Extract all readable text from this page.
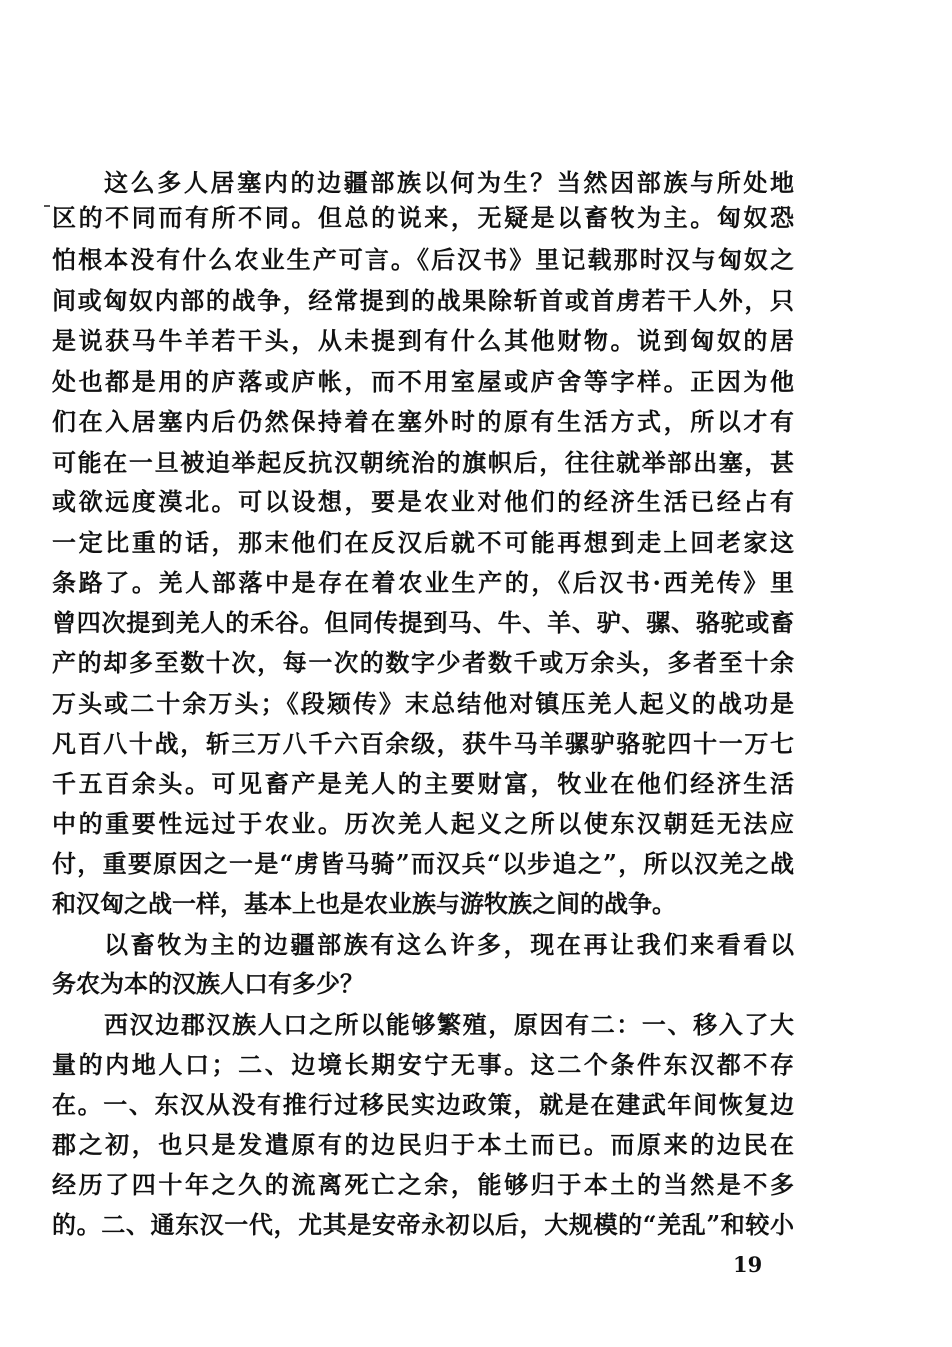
这么多人居塞内的边疆部族以何为生？当然因部族与所处地
区的不同而有所不同。但总的说来，无疑是以畜牧为主。匈奴恐
怕根本没有什么农业生产可言。《后汉书》里记载那时汉与匈奴之
间或匈奴内部的战争，经常提到的战果除斩首或首虏若干人外，只
是说获马牛羊若干头，从未提到有什么其他财物。说到匈奴的居
处也都是用的庐落或庐帐，而不用室屋或庐舍等字样。正因为他
们在入居塞内后仍然保持着在塞外时的原有生活方式，所以才有
可能在一旦被迫举起反抗汉朝统治的旗帜后，往往就举部出塞，甚
或欲远度漠北。可以设想，要是农业对他们的经济生活已经占有
一定比重的话，那末他们在反汉后就不可能再想到走上回老家这
条路了。羌人部落中是存在着农业生产的，《后汉书·西羌传》里
曾四次提到羌人的禾谷。但同传提到马、牛、羊、驴、骡、骆驼或畜
产的却多至数十次，每一次的数字少者数千或万余头，多者至十余
万头或二十余万头；《段颎传》末总结他对镇压羌人起义的战功是
凡百八十战，斩三万八千六百余级，获牛马羊骡驴骆驼四十一万七
千五百余头。可见畜产是羌人的主要财富，牧业在他们经济生活
中的重要性远过于农业。历次羌人起义之所以使东汉朝廷无法应
付，重要原因之一是“虏皆马骑”而汉兵“以步追之”，所以汉羌之战
和汉匈之战一样，基本上也是农业族与游牧族之间的战争。
以畜牧为主的边疆部族有这么许多，现在再让我们来看看以
务农为本的汉族人口有多少？
西汉边郡汉族人口之所以能够繁殖，原因有二：一、移入了大
量的内地人口；二、边境长期安宁无事。这二个条件东汉都不存
在。一、东汉从没有推行过移民实边政策，就是在建武年间恢复边
郡之初，也只是发遣原有的边民归于本土而已。而原来的边民在
经历了四十年之久的流离死亡之余，能够归于本土的当然是不多
的。二、通东汉一代，尤其是安帝永初以后，大规模的“羌乱”和较小
19
